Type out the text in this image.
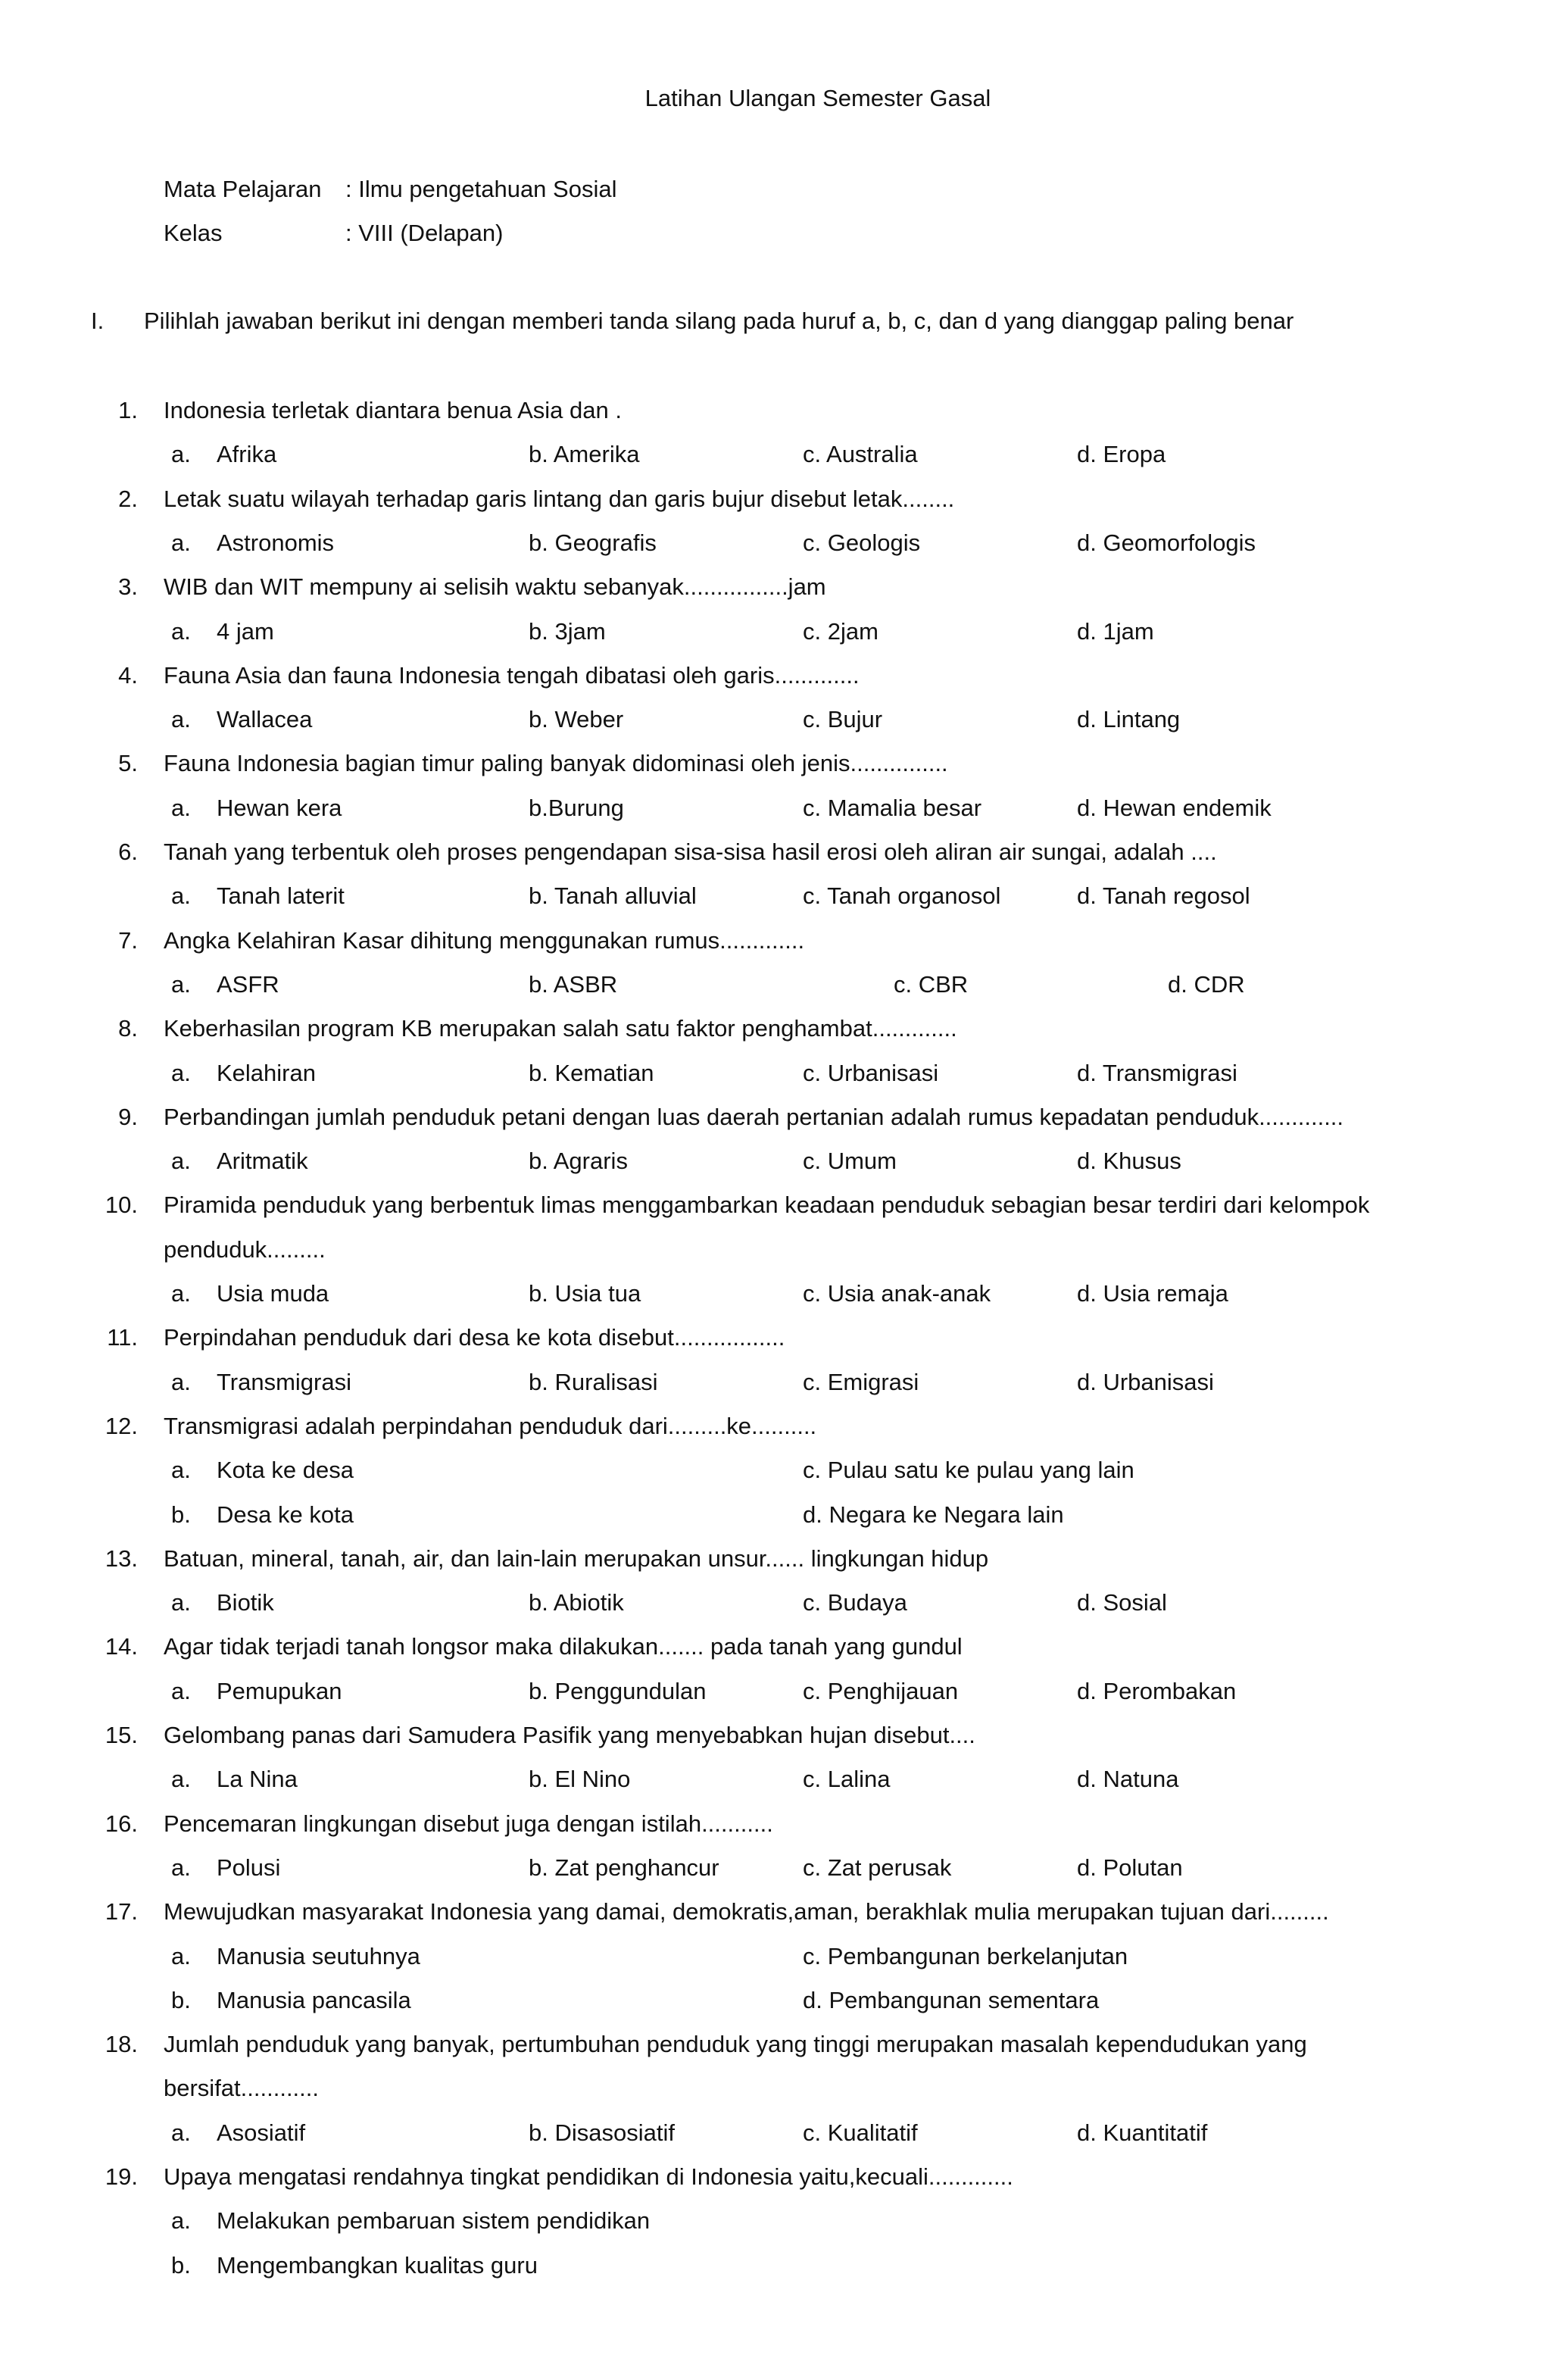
Latihan Ulangan Semester Gasal
Mata Pelajaran : Ilmu pengetahuan Sosial
Kelas	: VIII (Delapan)
I. Pilihlah jawaban berikut ini dengan memberi tanda silang pada huruf a, b, c, dan d yang dianggap paling benar
1. Indonesia terletak diantara benua Asia dan .
a. Afrika	b. Amerika	c. Australia	d. Eropa
2. Letak suatu wilayah terhadap garis lintang dan garis bujur disebut letak........
a. Astronomis	b. Geografis	c. Geologis	d. Geomorfologis
3. WIB dan WIT mempuny ai selisih waktu sebanyak................jam
a. 4 jam	b. 3jam	c. 2jam	d. 1jam
4. Fauna Asia dan fauna Indonesia tengah dibatasi oleh garis.............
a. Wallacea	b. Weber	c. Bujur	d. Lintang
5. Fauna Indonesia bagian timur paling banyak didominasi oleh jenis...............
a. Hewan kera	b.Burung	c. Mamalia besar	d. Hewan endemik
6. Tanah yang terbentuk oleh proses pengendapan sisa-sisa hasil erosi oleh aliran air sungai, adalah ....
a. Tanah laterit	b. Tanah alluvial	c. Tanah organosol	d. Tanah regosol
7. Angka Kelahiran Kasar dihitung menggunakan rumus.............
a. ASFR	b. ASBR	c. CBR	d. CDR
8. Keberhasilan program KB merupakan salah satu faktor penghambat.............
a. Kelahiran	b. Kematian	c. Urbanisasi	d. Transmigrasi
9. Perbandingan jumlah penduduk petani dengan luas daerah pertanian adalah rumus kepadatan penduduk.............
a. Aritmatik	b. Agraris	c. Umum	d. Khusus
10. Piramida penduduk yang berbentuk limas menggambarkan keadaan penduduk sebagian besar terdiri dari kelompok
penduduk.........
a. Usia muda	b. Usia tua	c. Usia anak-anak	d. Usia remaja
11. Perpindahan penduduk dari desa ke kota disebut.................
a. Transmigrasi	b. Ruralisasi	c. Emigrasi	d. Urbanisasi
12. Transmigrasi adalah perpindahan penduduk dari.........ke..........
a. Kota ke desa	c. Pulau satu ke pulau yang lain
b. Desa ke kota	d. Negara ke Negara lain
13. Batuan, mineral, tanah, air, dan lain-lain merupakan unsur...... lingkungan hidup
a. Biotik	b. Abiotik	c. Budaya	d. Sosial
14. Agar tidak terjadi tanah longsor maka dilakukan....... pada tanah yang gundul
a. Pemupukan	b. Penggundulan	c. Penghijauan	d. Perombakan
15. Gelombang panas dari Samudera Pasifik yang menyebabkan hujan disebut....
a. La Nina	b. El Nino	c. Lalina	d. Natuna
16. Pencemaran lingkungan disebut juga dengan istilah...........
a. Polusi	b. Zat penghancur	c. Zat perusak	d. Polutan
17. Mewujudkan masyarakat Indonesia yang damai, demokratis,aman, berakhlak mulia merupakan tujuan dari.........
a. Manusia seutuhnya	c. Pembangunan berkelanjutan
b. Manusia pancasila	d. Pembangunan sementara
18. Jumlah penduduk yang banyak, pertumbuhan penduduk yang tinggi merupakan masalah kependudukan yang
bersifat............
a. Asosiatif	b. Disasosiatif	c. Kualitatif	d. Kuantitatif
19. Upaya mengatasi rendahnya tingkat pendidikan di Indonesia yaitu,kecuali.............
a. Melakukan pembaruan sistem pendidikan
b. Mengembangkan kualitas guru
